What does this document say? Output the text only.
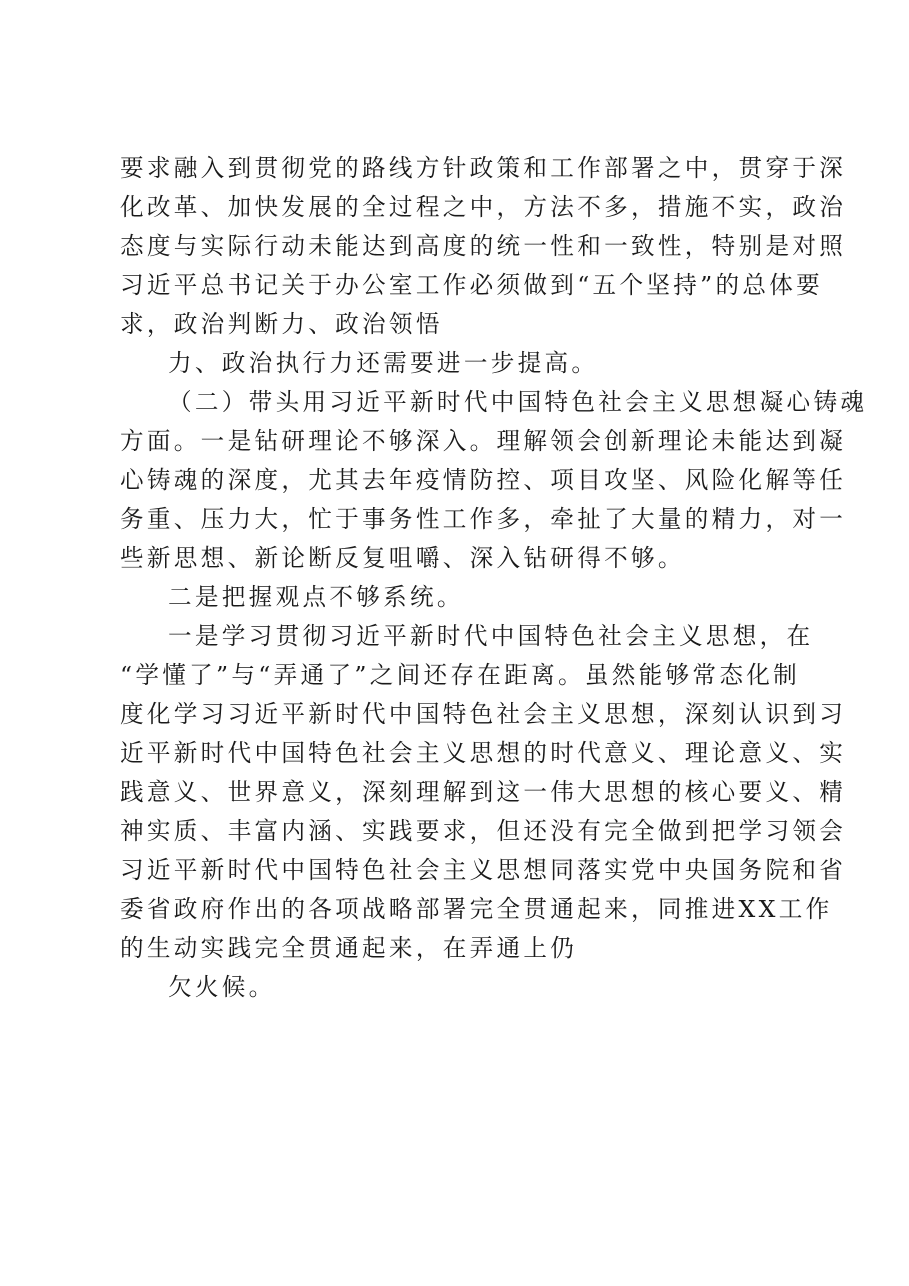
要求融入到贯彻党的路线方针政策和工作部署之中，贯穿于深
化改革、加快发展的全过程之中，方法不多，措施不实，政治
态度与实际行动未能达到高度的统一性和一致性，特别是对照
习近平总书记关于办公室工作必须做到“五个坚持”的总体要
求，政治判断力、政治领悟
力、政治执行力还需要进一步提高。
（二）带头用习近平新时代中国特色社会主义思想凝心铸魂
方面。一是钻研理论不够深入。理解领会创新理论未能达到凝
心铸魂的深度，尤其去年疫情防控、项目攻坚、风险化解等任
务重、压力大，忙于事务性工作多，牵扯了大量的精力，对一
些新思想、新论断反复咀嚼、深入钻研得不够。
二是把握观点不够系统。
一是学习贯彻习近平新时代中国特色社会主义思想，在
“学懂了”与“弄通了”之间还存在距离。虽然能够常态化制
度化学习习近平新时代中国特色社会主义思想，深刻认识到习
近平新时代中国特色社会主义思想的时代意义、理论意义、实
践意义、世界意义，深刻理解到这一伟大思想的核心要义、精
神实质、丰富内涵、实践要求，但还没有完全做到把学习领会
习近平新时代中国特色社会主义思想同落实党中央国务院和省
委省政府作出的各项战略部署完全贯通起来，同推进XX工作
的生动实践完全贯通起来，在弄通上仍
欠火候。
